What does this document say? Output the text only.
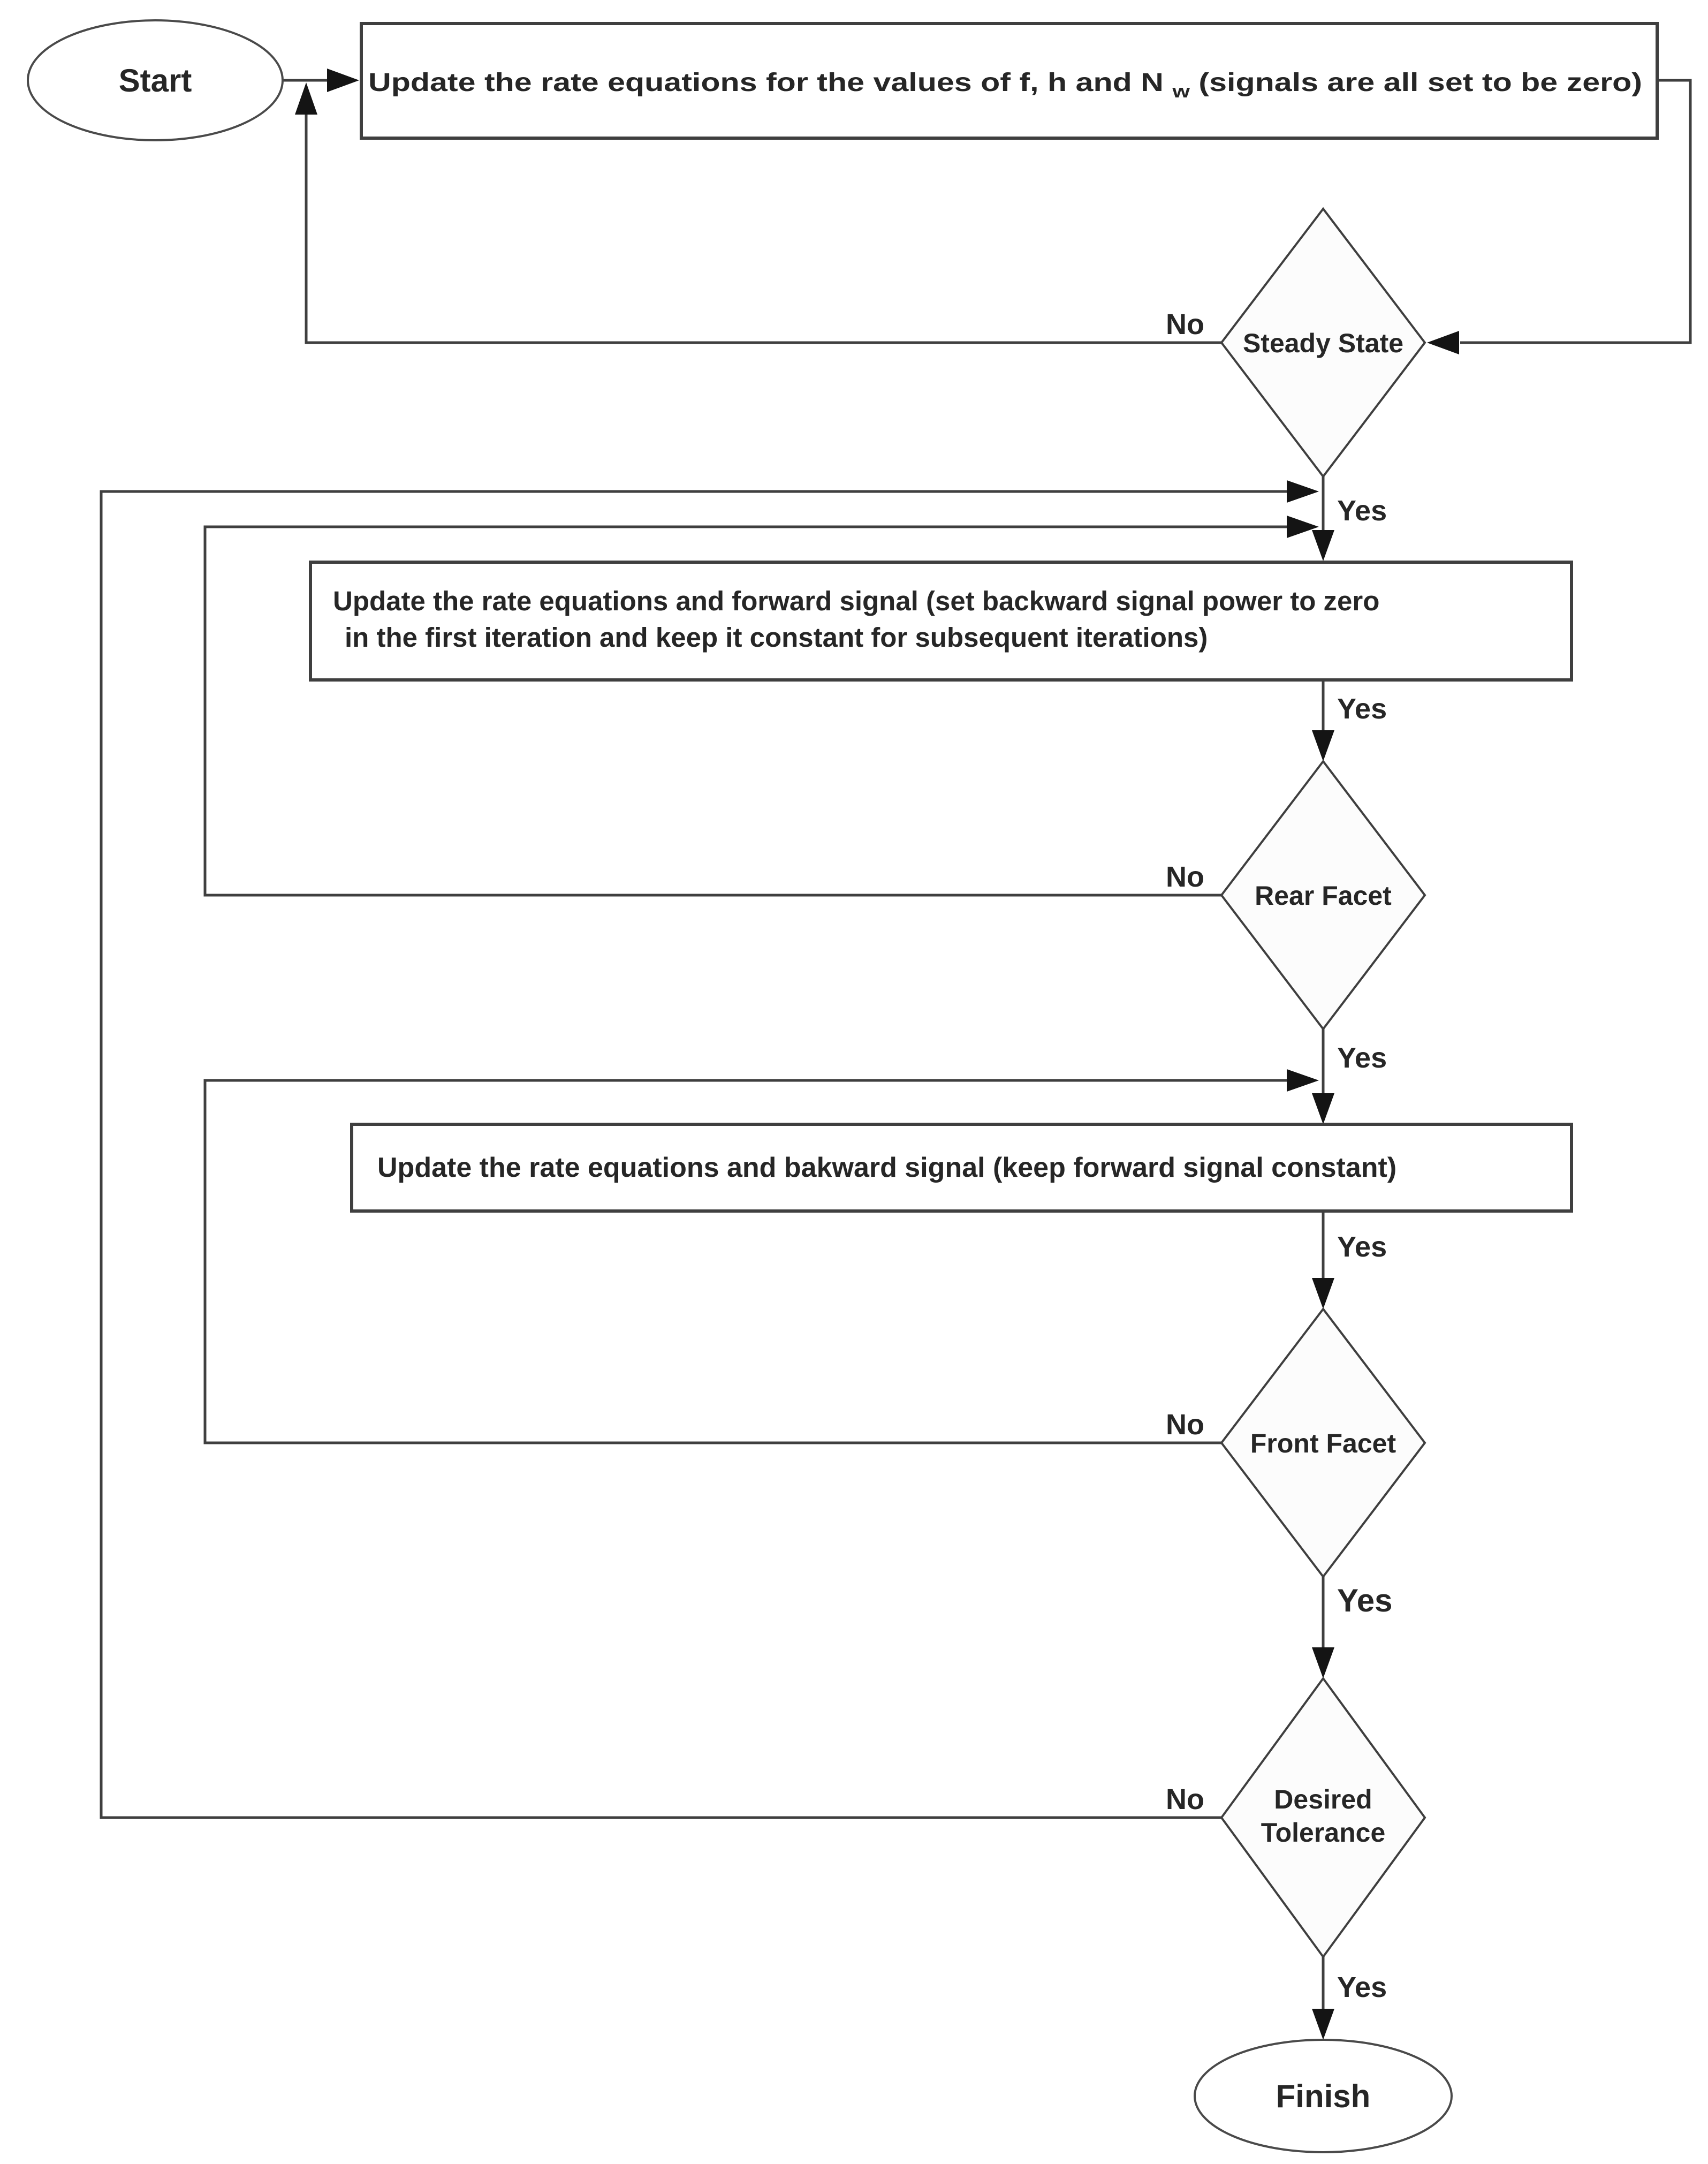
No
Yes
No
No
Yes
Yes
No
Yes
Yes
Yes
Start	Update the rate equations for the values of f, h and N	$_w$ (signals are all set to be zero)
Steady State
Update the rate equations and forward signal (set backward signal power to zero
in the first iteration and keep it constant for subsequent iterations)
Rear Facet
Update the rate equations and bakward signal (keep forward signal constant)
Front Facet
Desired
Tolerance
Finish
